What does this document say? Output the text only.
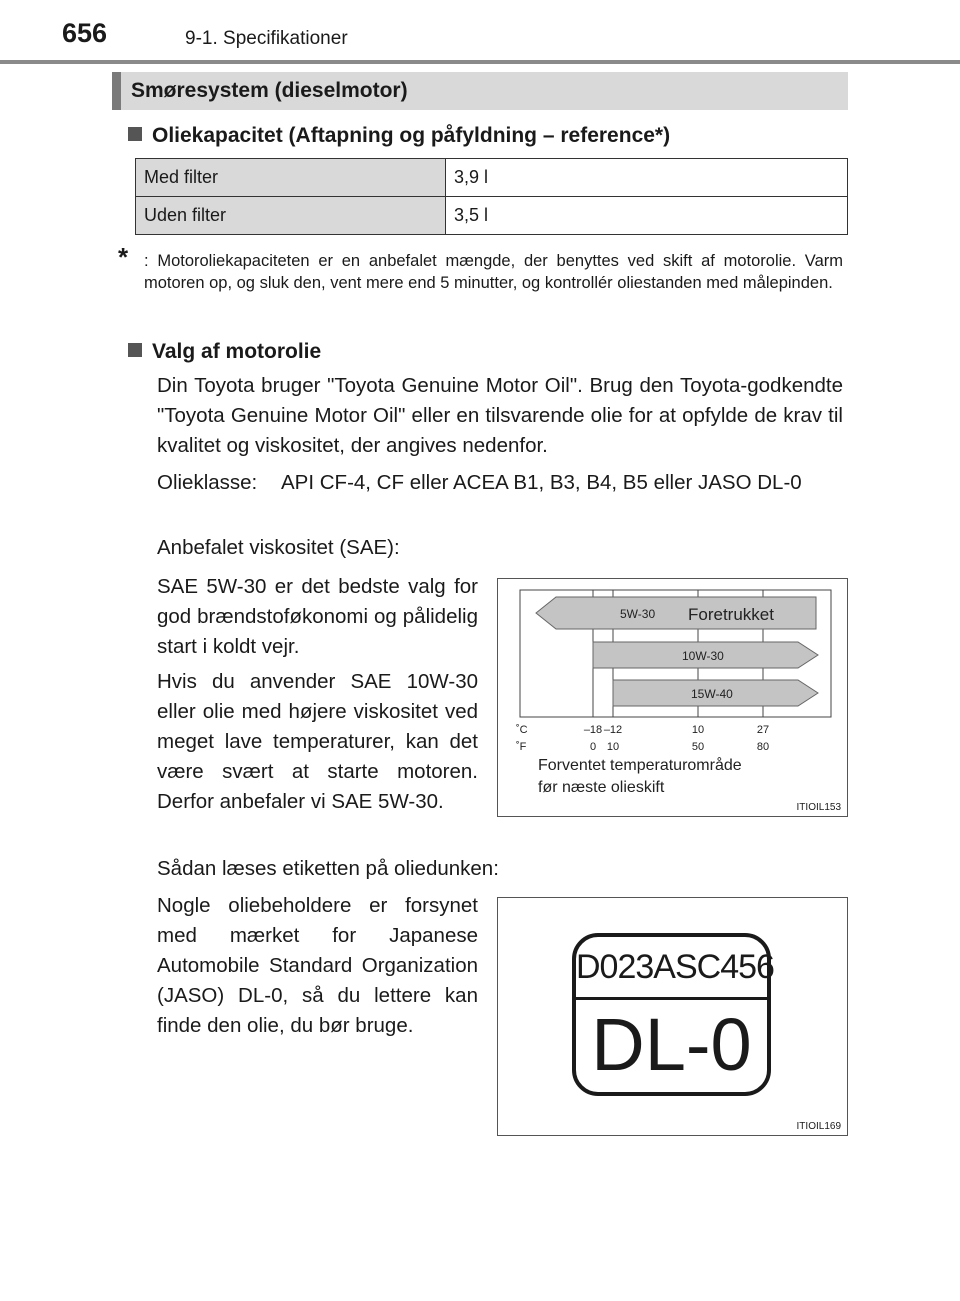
656	9-1. Specifikationer
Smøresystem (dieselmotor)
Oliekapacitet (Aftapning og påfyldning – reference*)
Med filter	3,9 l
Uden filter	3,5 l
* : Motoroliekapaciteten er en anbefalet mængde, der benyttes ved skift af motorolie. Varm motoren op, og sluk den, vent mere end 5 minutter, og kontrollér oliestanden med målepinden.
Valg af motorolie
Din Toyota bruger "Toyota Genuine Motor Oil". Brug den Toyota-godkendte "Toyota Genuine Motor Oil" eller en tilsvarende olie for at opfylde de krav til kvalitet og viskositet, der angives nedenfor.
Olieklasse:	API CF-4, CF eller ACEA B1, B3, B4, B5 eller JASO DL-0
Anbefalet viskositet (SAE):
SAE 5W-30 er det bedste valg for god brændstoføkonomi og pålidelig start i koldt vejr.
Hvis du anvender SAE 10W-30 eller olie med højere viskositet ved meget lave temperaturer, kan det være svært at starte motoren. Derfor anbefaler vi SAE 5W-30.
5W-30 Foretrukket
10W-30
15W-40
˚C	–18 –12	10	27
˚F	0 10	50	80
Forventet temperaturområde
før næste olieskift
ITIOIL153
Sådan læses etiketten på oliedunken:
Nogle oliebeholdere er forsynet med mærket for Japanese Automobile Standard Organization (JASO) DL-0, så du lettere kan finde den olie, du bør bruge.
D023ASC456
DL-0
ITIOIL169
